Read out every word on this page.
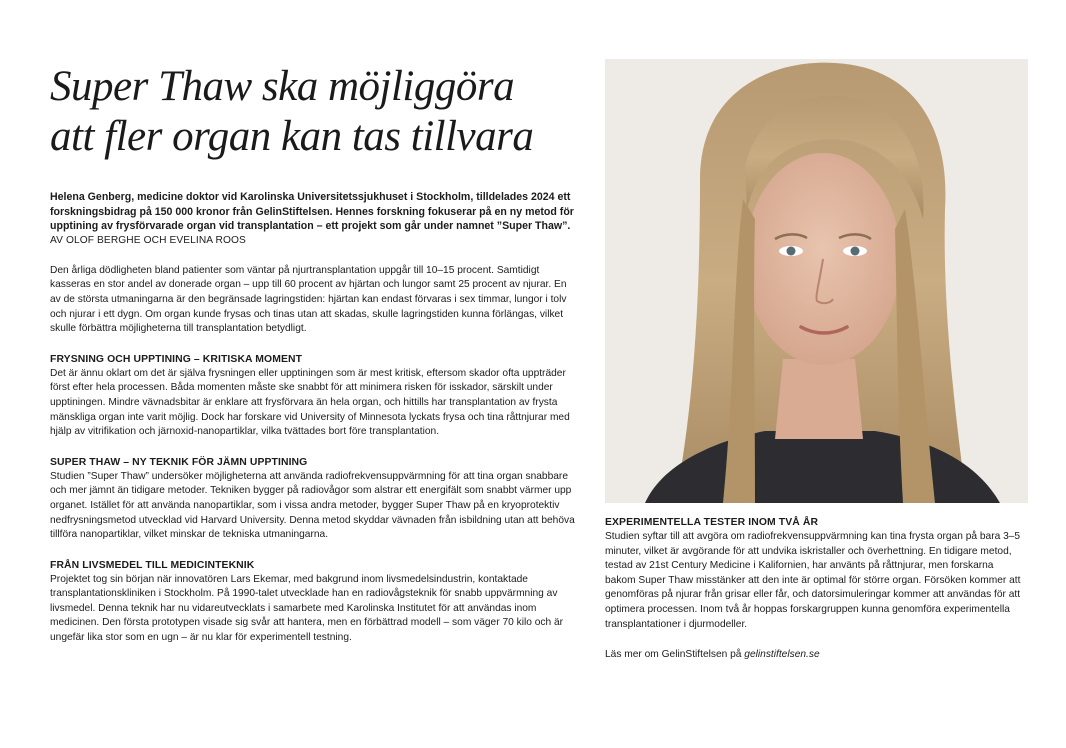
Super Thaw ska möjliggöra
att fler organ kan tas tillvara

Helena Genberg, medicine doktor vid Karolinska Universitetssjukhuset i Stockholm, tilldelades 2024 ett forskningsbidrag på 150 000 kronor från GelinStiftelsen. Hennes forskning fokuserar på en ny metod för upptining av frysförvarade organ vid transplantation – ett projekt som går under namnet ”Super Thaw”.

AV OLOF BERGHE OCH EVELINA ROOS

Den årliga dödligheten bland patienter som väntar på njurtransplantation uppgår till 10–15 procent. Samtidigt kasseras en stor andel av donerade organ – upp till 60 procent av hjärtan och lungor samt 25 procent av njurar. En av de största utmaningarna är den begränsade lagringstiden: hjärtan kan endast förvaras i sex timmar, lungor i tolv och njurar i ett dygn. Om organ kunde frysas och tinas utan att skadas, skulle lagringstiden kunna förlängas, vilket skulle förbättra möjligheterna till transplantation betydligt.

FRYSNING OCH UPPTINING – KRITISKA MOMENT

Det är ännu oklart om det är själva frysningen eller upptiningen som är mest kritisk, eftersom skador ofta uppträder först efter hela processen. Båda momenten måste ske snabbt för att minimera risken för isskador, särskilt under upptiningen. Mindre vävnadsbitar är enklare att frysförvara än hela organ, och hittills har transplantation av frysta mänskliga organ inte varit möjlig. Dock har forskare vid University of Minnesota lyckats frysa och tina råttnjurar med hjälp av vitrifikation och järnoxid-nanopartiklar, vilka tvättades bort före transplantation.

SUPER THAW – NY TEKNIK FÖR JÄMN UPPTINING

Studien ”Super Thaw” undersöker möjligheterna att använda radiofrekvensuppvärmning för att tina organ snabbare och mer jämnt än tidigare metoder. Tekniken bygger på radiovågor som alstrar ett energifält som snabbt värmer upp organet. Istället för att använda nanopartiklar, som i vissa andra metoder, bygger Super Thaw på en kryoprotektiv nedfrysningsmetod utvecklad vid Harvard University. Denna metod skyddar vävnaden från isbildning utan att behöva tillföra nanopartiklar, vilket minskar de tekniska utmaningarna.

FRÅN LIVSMEDEL TILL MEDICINTEKNIK

Projektet tog sin början när innovatören Lars Ekemar, med bakgrund inom livsmedelsindustrin, kontaktade transplantationskliniken i Stockholm. På 1990-talet utvecklade han en radiovågsteknik för snabb uppvärmning av livsmedel. Denna teknik har nu vidareutvecklats i samarbete med Karolinska Institutet för att användas inom medicinen. Den första prototypen visade sig svår att hantera, men en förbättrad modell – som väger 70 kilo och är ungefär lika stor som en ugn – är nu klar för experimentell testning.

EXPERIMENTELLA TESTER INOM TVÅ ÅR

Studien syftar till att avgöra om radiofrekvensuppvärmning kan tina frysta organ på bara 3–5 minuter, vilket är avgörande för att undvika iskristaller och överhettning. En tidigare metod, testad av 21st Century Medicine i Kalifornien, har använts på råttnjurar, men forskarna bakom Super Thaw misstänker att den inte är optimal för större organ. Försöken kommer att genomföras på njurar från grisar eller får, och datorsimuleringar kommer att användas för att optimera processen. Inom två år hoppas forskargruppen kunna genomföra experimentella transplantationer i djurmodeller.

Läs mer om GelinStiftelsen på gelinstiftelsen.se
